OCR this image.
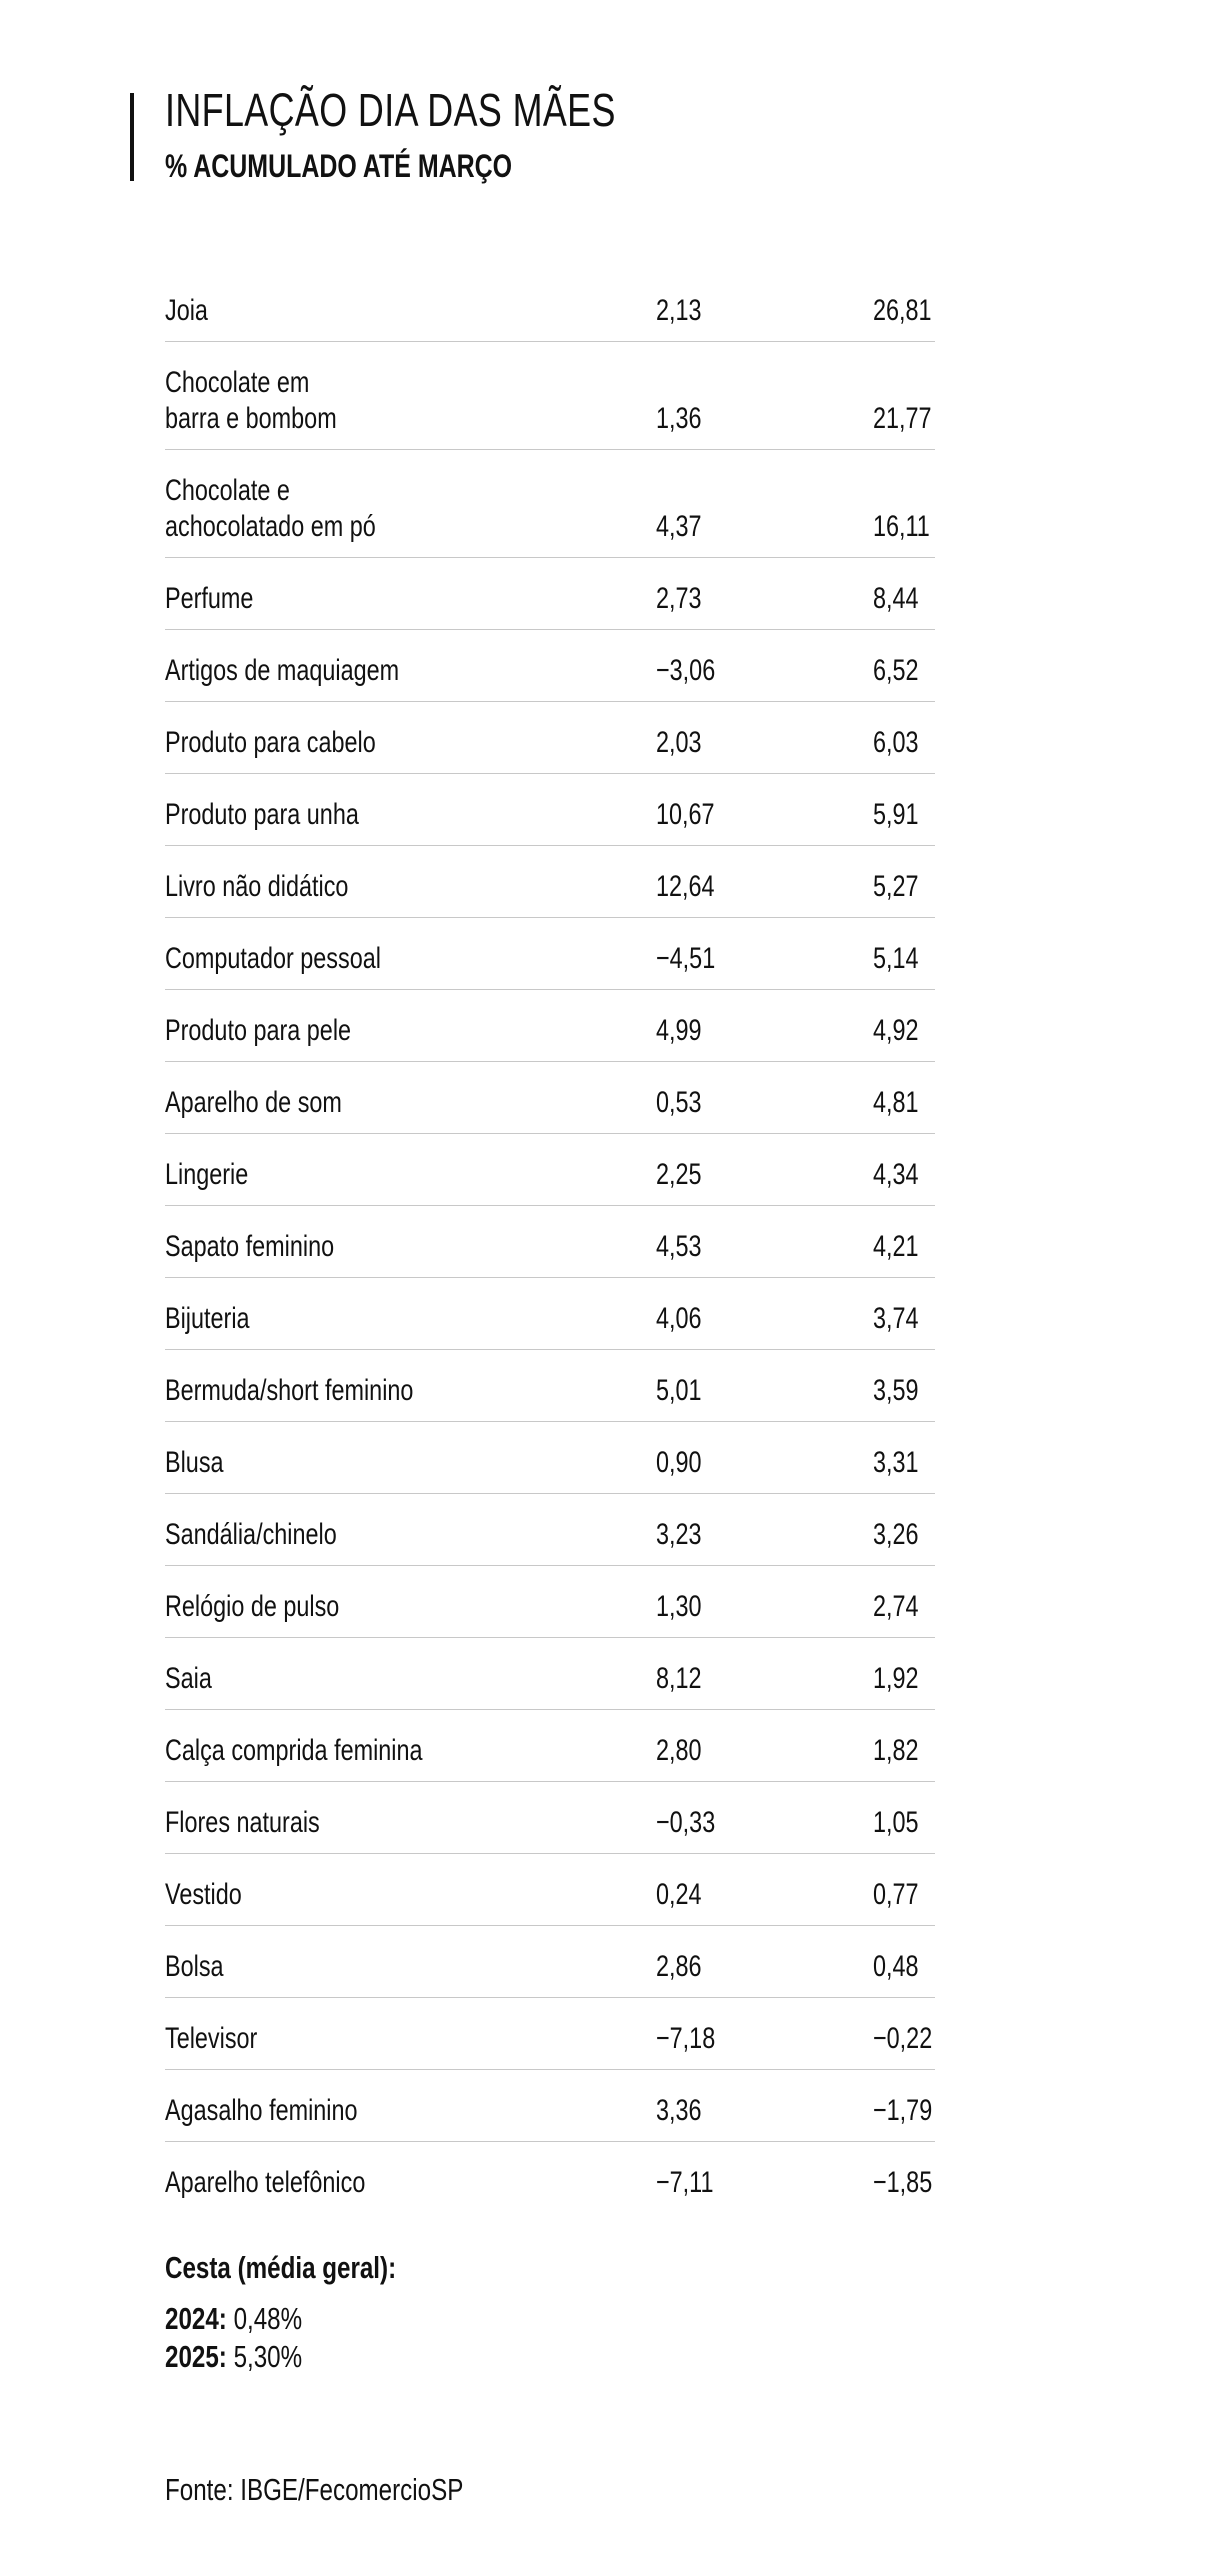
INFLAÇÃO DIA DAS MÃES
% ACUMULADO ATÉ MARÇO
Joia	2,13	26,81
Chocolate em
barra e bombom	1,36	21,77
Chocolate e
achocolatado em pó	4,37	16,11
Perfume	2,73	8,44
Artigos de maquiagem	−3,06	6,52
Produto para cabelo	2,03	6,03
Produto para unha	10,67	5,91
Livro não didático	12,64	5,27
Computador pessoal	−4,51	5,14
Produto para pele	4,99	4,92
Aparelho de som	0,53	4,81
Lingerie	2,25	4,34
Sapato feminino	4,53	4,21
Bijuteria	4,06	3,74
Bermuda/short feminino	5,01	3,59
Blusa	0,90	3,31
Sandália/chinelo	3,23	3,26
Relógio de pulso	1,30	2,74
Saia	8,12	1,92
Calça comprida feminina	2,80	1,82
Flores naturais	−0,33	1,05
Vestido	0,24	0,77
Bolsa	2,86	0,48
Televisor	−7,18	−0,22
Agasalho feminino	3,36	−1,79
Aparelho telefônico	−7,11	−1,85
Cesta (média geral):
2024: 0,48%
2025: 5,30%
Fonte: IBGE/FecomercioSP
